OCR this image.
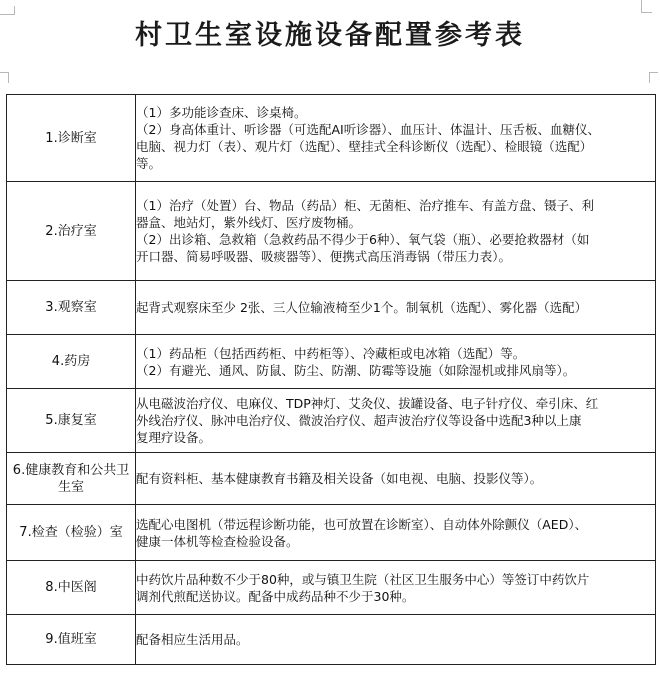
村卫生室设施设备配置参考表
1.诊断室	（1）多功能诊查床、诊桌椅。
（2）身高体重计、听诊器（可选配AI听诊器）、血压计、体温计、压舌板、血糖仪、
电脑、视力灯（表）、观片灯（选配）、壁挂式全科诊断仪（选配）、检眼镜（选配）
等。

2.治疗室	（1）治疗（处置）台、物品（药品）柜、无菌柜、治疗推车、有盖方盘、镊子、利
器盒、地站灯，紫外线灯、医疗废物桶。
（2）出诊箱、急救箱（急救药品不得少于6种）、氧气袋（瓶）、必要抢救器材（如
开口器、简易呼吸器、吸痰器等）、便携式高压消毒锅（带压力表）。

3.观察室	起背式观察床至少 2张、三人位输液椅至少1个。制氧机（选配）、雾化器（选配）

4.药房	（1）药品柜（包括西药柜、中药柜等）、冷藏柜或电冰箱（选配）等。
（2）有避光、通风、防鼠、防尘、防潮、防霉等设施（如除湿机或排风扇等）。

5.康复室	从电磁波治疗仪、电麻仪、TDP神灯、艾灸仪、拔罐设备、电子针疗仪、牵引床、红
外线治疗仪、脉冲电治疗仪、微波治疗仪、超声波治疗仪等设备中选配3种以上康
复理疗设备。

6.健康教育和公共卫生室	配有资料柜、基本健康教育书籍及相关设备（如电视、电脑、投影仪等）。

7.检查（检验）室	选配心电图机（带远程诊断功能，也可放置在诊断室）、自动体外除颤仪（AED）、
健康一体机等检查检验设备。

8.中医阁	中药饮片品种数不少于80种，或与镇卫生院（社区卫生服务中心）等签订中药饮片
调剂代煎配送协议。配备中成药品种不少于30种。

9.值班室	配备相应生活用品。
